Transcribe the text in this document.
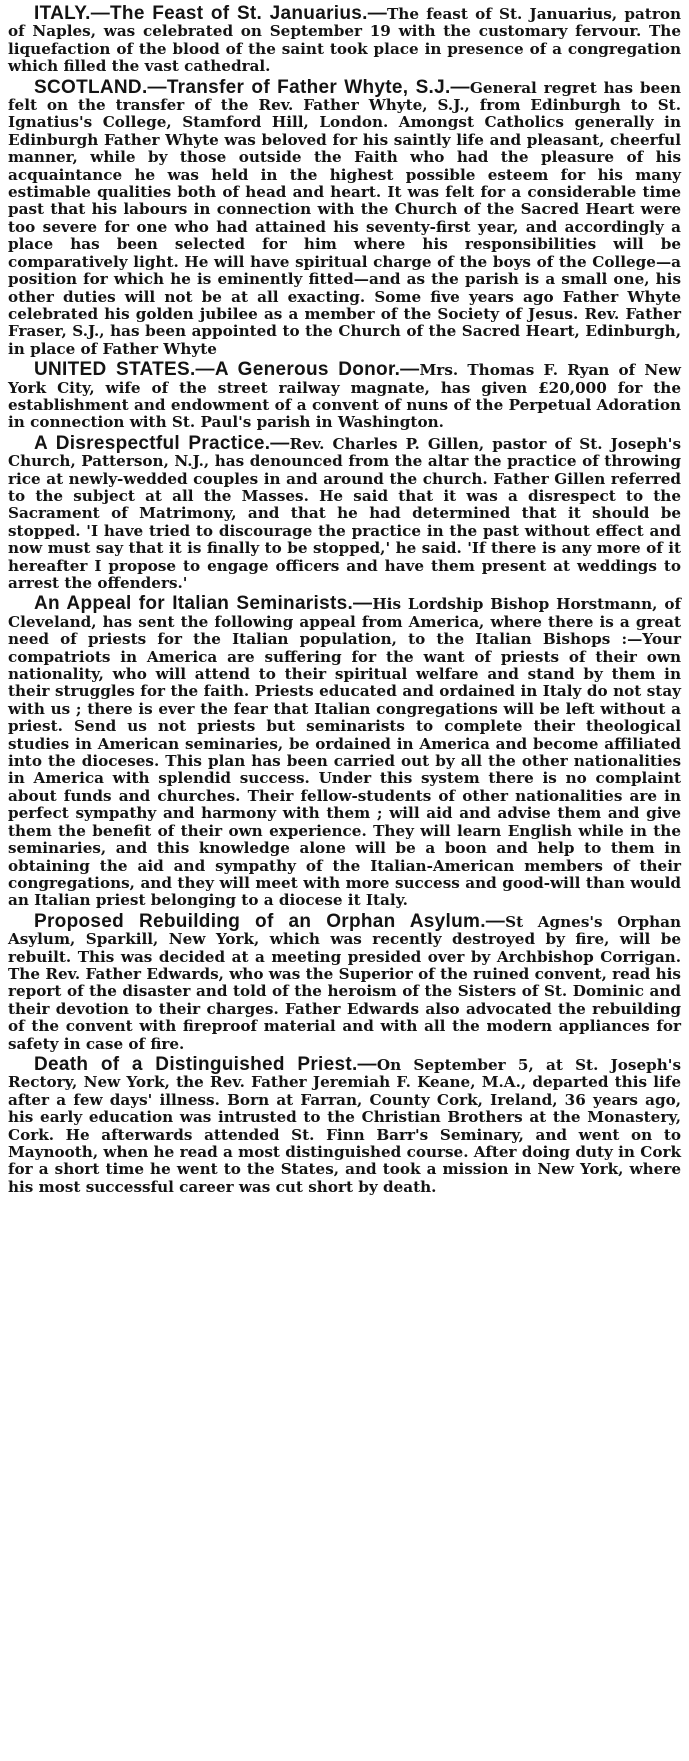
ITALY.—The Feast of St. Januarius.—The feast of St. Januarius, patron of Naples, was celebrated on September 19 with the customary fervour. The liquefaction of the blood of the saint took place in presence of a congregation which filled the vast cathedral.

SCOTLAND.—Transfer of Father Whyte, S.J.—General regret has been felt on the transfer of the Rev. Father Whyte, S.J., from Edinburgh to St. Ignatius's College, Stamford Hill, London. Amongst Catholics generally in Edinburgh Father Whyte was beloved for his saintly life and pleasant, cheerful manner, while by those outside the Faith who had the pleasure of his acquaintance he was held in the highest possible esteem for his many estimable qualities both of head and heart. It was felt for a considerable time past that his labours in connection with the Church of the Sacred Heart were too severe for one who had attained his seventy-first year, and accordingly a place has been selected for him where his responsibilities will be comparatively light. He will have spiritual charge of the boys of the College—a position for which he is eminently fitted—and as the parish is a small one, his other duties will not be at all exacting. Some five years ago Father Whyte celebrated his golden jubilee as a member of the Society of Jesus. Rev. Father Fraser, S.J., has been appointed to the Church of the Sacred Heart, Edinburgh, in place of Father Whyte

UNITED STATES.—A Generous Donor.—Mrs. Thomas F. Ryan of New York City, wife of the street railway magnate, has given £20,000 for the establishment and endowment of a convent of nuns of the Perpetual Adoration in connection with St. Paul's parish in Washington.

A Disrespectful Practice.—Rev. Charles P. Gillen, pastor of St. Joseph's Church, Patterson, N.J., has denounced from the altar the practice of throwing rice at newly-wedded couples in and around the church. Father Gillen referred to the subject at all the Masses. He said that it was a disrespect to the Sacrament of Matrimony, and that he had determined that it should be stopped. 'I have tried to discourage the practice in the past without effect and now must say that it is finally to be stopped,' he said. 'If there is any more of it hereafter I propose to engage officers and have them present at weddings to arrest the offenders.'

An Appeal for Italian Seminarists.—His Lordship Bishop Horstmann, of Cleveland, has sent the following appeal from America, where there is a great need of priests for the Italian population, to the Italian Bishops :—Your compatriots in America are suffering for the want of priests of their own nationality, who will attend to their spiritual welfare and stand by them in their struggles for the faith. Priests educated and ordained in Italy do not stay with us ; there is ever the fear that Italian congregations will be left without a priest. Send us not priests but seminarists to complete their theological studies in American seminaries, be ordained in America and become affiliated into the dioceses. This plan has been carried out by all the other nationalities in America with splendid success. Under this system there is no complaint about funds and churches. Their fellow-students of other nationalities are in perfect sympathy and harmony with them ; will aid and advise them and give them the benefit of their own experience. They will learn English while in the seminaries, and this knowledge alone will be a boon and help to them in obtaining the aid and sympathy of the Italian-American members of their congregations, and they will meet with more success and good-will than would an Italian priest belonging to a diocese it Italy.

Proposed Rebuilding of an Orphan Asylum.—St Agnes's Orphan Asylum, Sparkill, New York, which was recently destroyed by fire, will be rebuilt. This was decided at a meeting presided over by Archbishop Corrigan. The Rev. Father Edwards, who was the Superior of the ruined convent, read his report of the disaster and told of the heroism of the Sisters of St. Dominic and their devotion to their charges. Father Edwards also advocated the rebuilding of the convent with fireproof material and with all the modern appliances for safety in case of fire.

Death of a Distinguished Priest.—On September 5, at St. Joseph's Rectory, New York, the Rev. Father Jeremiah F. Keane, M.A., departed this life after a few days' illness. Born at Farran, County Cork, Ireland, 36 years ago, his early education was intrusted to the Christian Brothers at the Monastery, Cork. He afterwards attended St. Finn Barr's Seminary, and went on to Maynooth, when he read a most distinguished course. After doing duty in Cork for a short time he went to the States, and took a mission in New York, where his most successful career was cut short by death.
